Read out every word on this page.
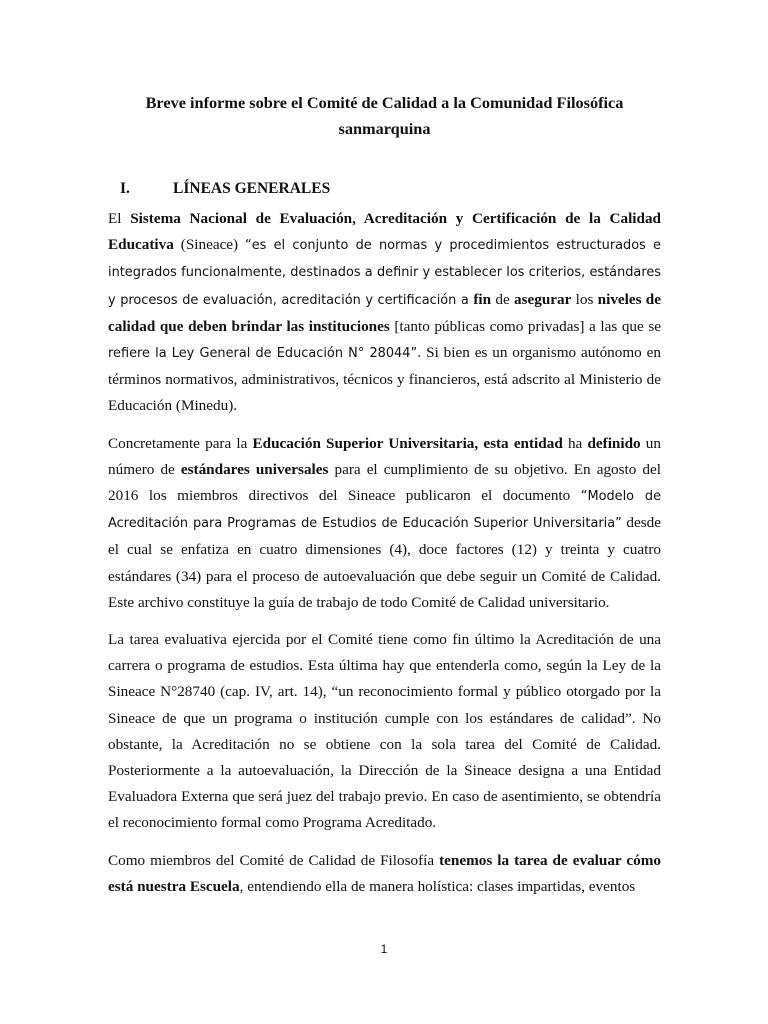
Breve informe sobre el Comité de Calidad a la Comunidad Filosófica sanmarquina
I.	LÍNEAS GENERALES

El Sistema Nacional de Evaluación, Acreditación y Certificación de la Calidad Educativa (Sineace) “es el conjunto de normas y procedimientos estructurados e integrados funcionalmente, destinados a definir y establecer los criterios, estándares y procesos de evaluación, acreditación y certificación a fin de asegurar los niveles de calidad que deben brindar las instituciones [tanto públicas como privadas] a las que se refiere la Ley General de Educación N° 28044”. Si bien es un organismo autónomo en términos normativos, administrativos, técnicos y financieros, está adscrito al Ministerio de Educación (Minedu).

Concretamente para la Educación Superior Universitaria, esta entidad ha definido un número de estándares universales para el cumplimiento de su objetivo. En agosto del 2016 los miembros directivos del Sineace publicaron el documento “Modelo de Acreditación para Programas de Estudios de Educación Superior Universitaria” desde el cual se enfatiza en cuatro dimensiones (4), doce factores (12) y treinta y cuatro estándares (34) para el proceso de autoevaluación que debe seguir un Comité de Calidad. Este archivo constituye la guía de trabajo de todo Comité de Calidad universitario.

La tarea evaluativa ejercida por el Comité tiene como fin último la Acreditación de una carrera o programa de estudios. Esta última hay que entenderla como, según la Ley de la Sineace N°28740 (cap. IV, art. 14), “un reconocimiento formal y público otorgado por la Sineace de que un programa o institución cumple con los estándares de calidad”. No obstante, la Acreditación no se obtiene con la sola tarea del Comité de Calidad. Posteriormente a la autoevaluación, la Dirección de la Sineace designa a una Entidad Evaluadora Externa que será juez del trabajo previo. En caso de asentimiento, se obtendría el reconocimiento formal como Programa Acreditado.

Como miembros del Comité de Calidad de Filosofía tenemos la tarea de evaluar cómo está nuestra Escuela, entendiendo ella de manera holística: clases impartidas, eventos

1
